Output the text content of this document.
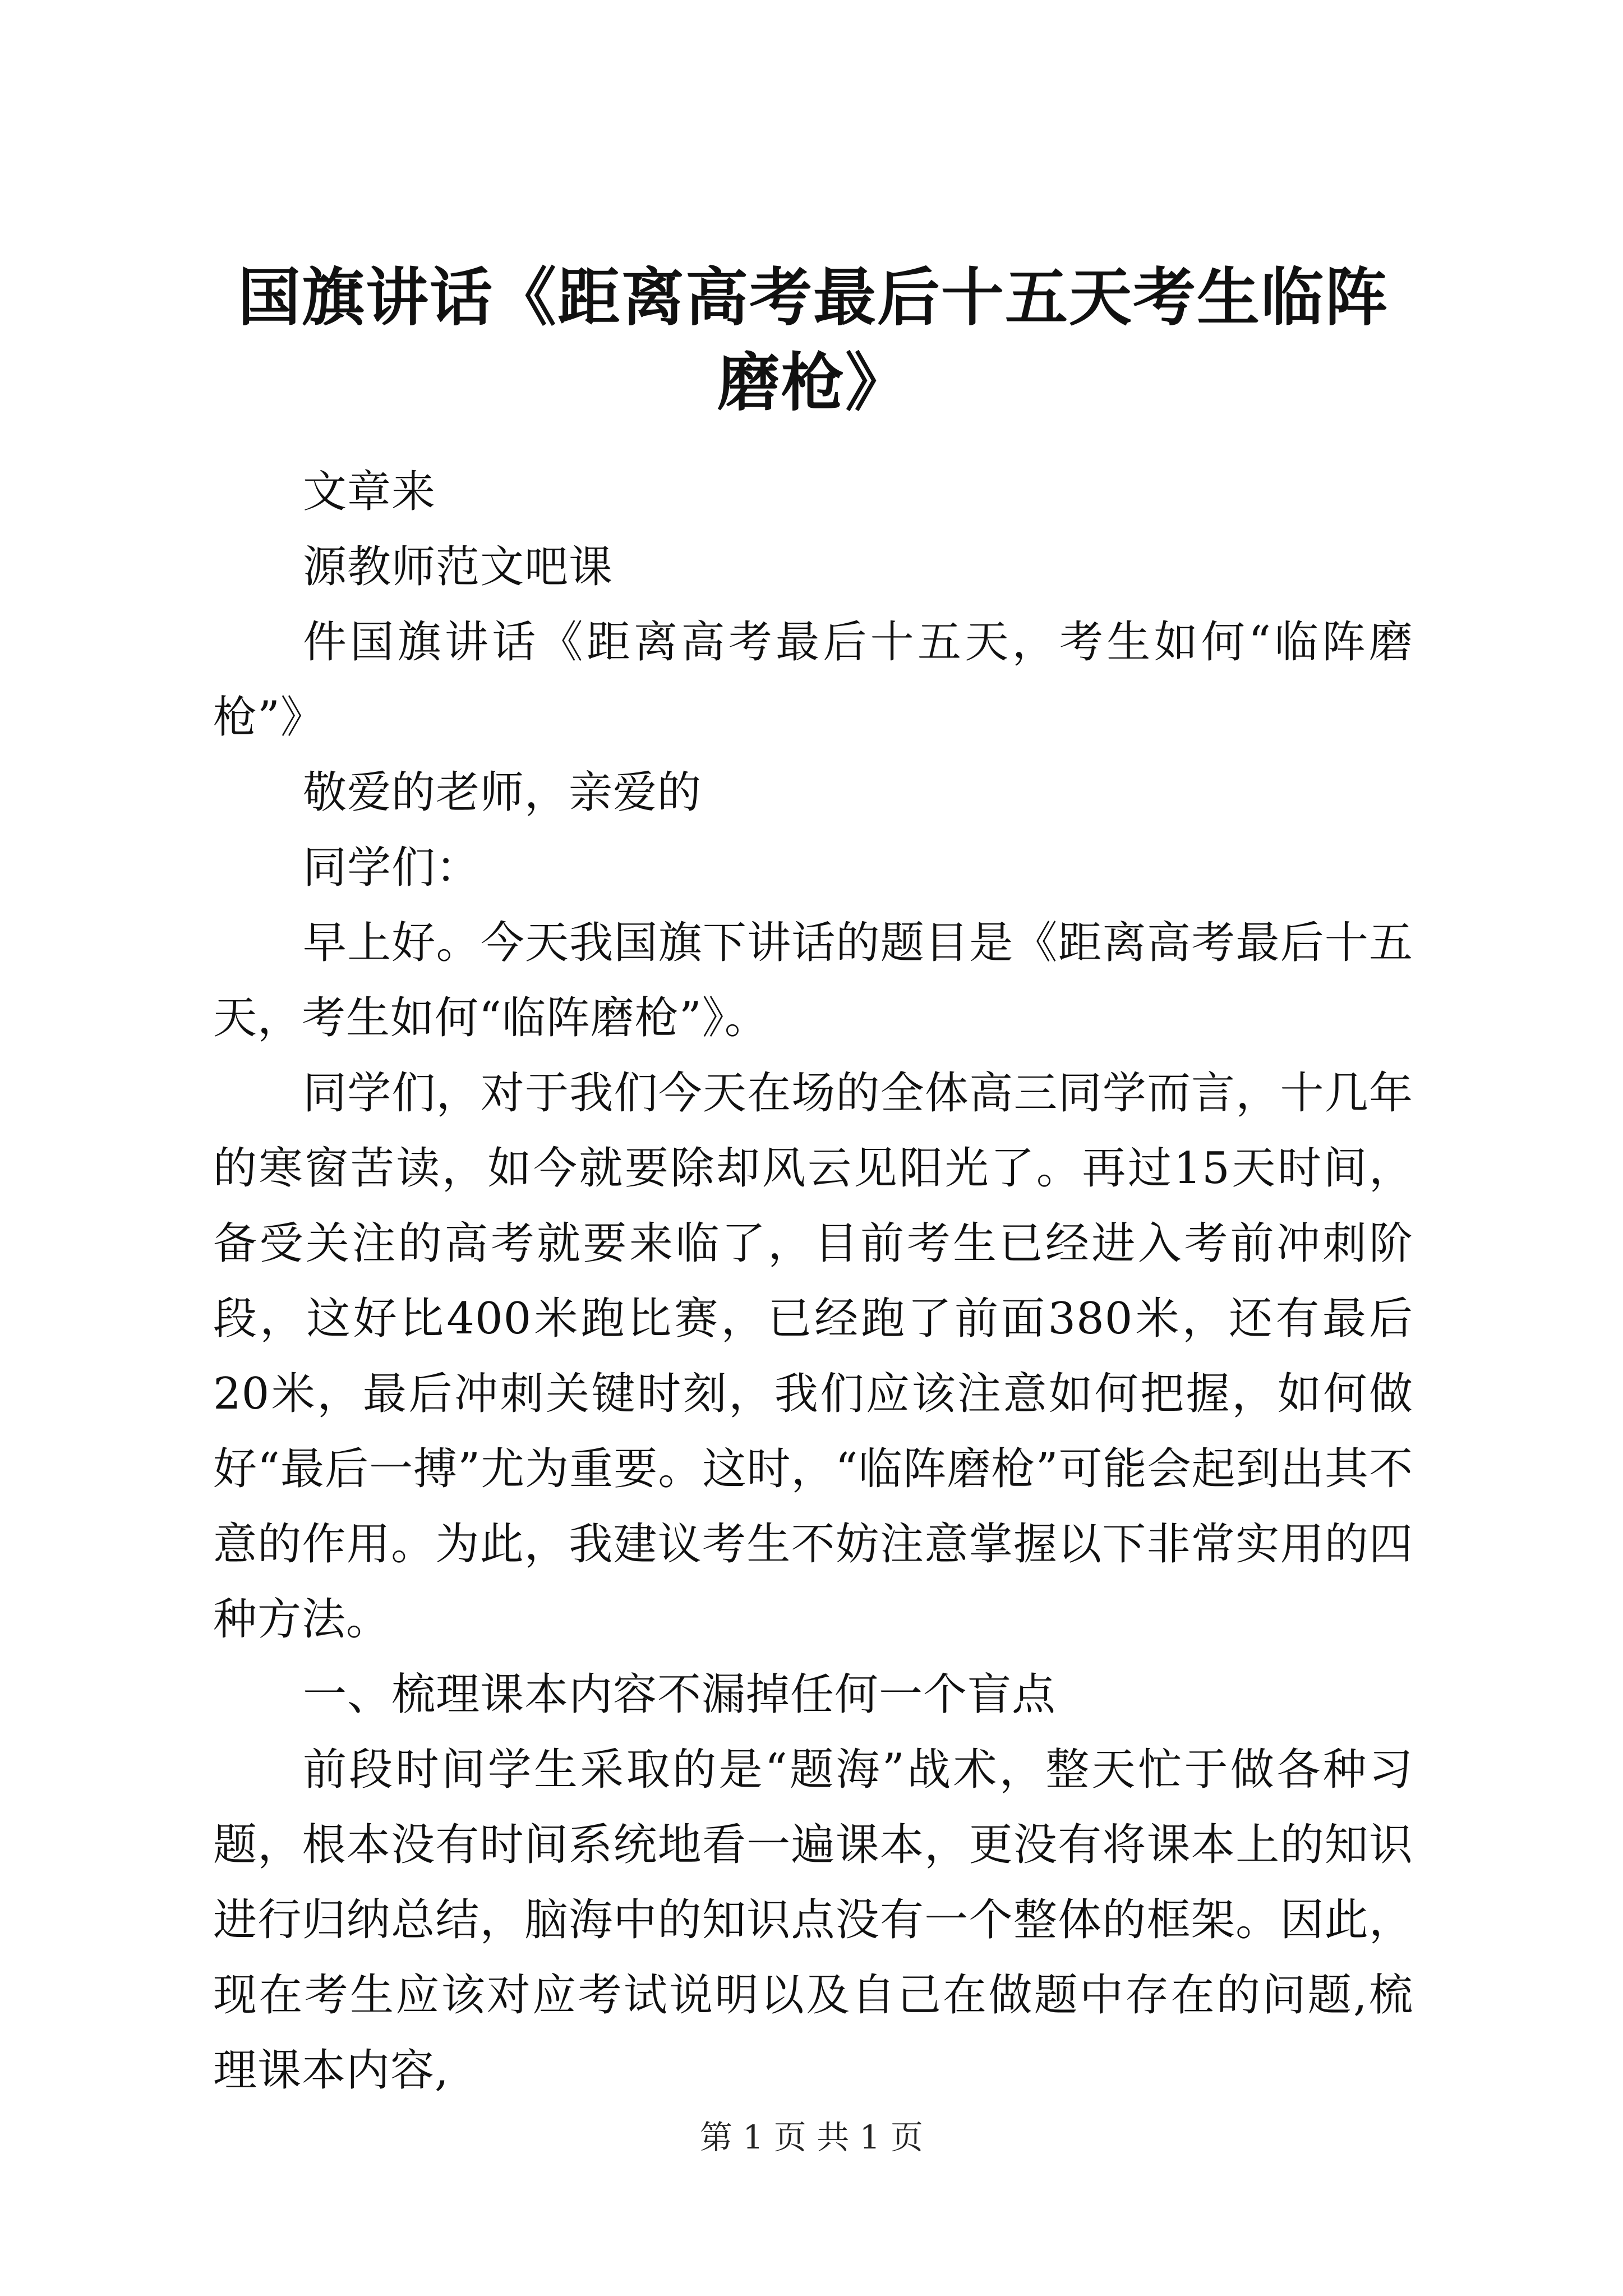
国旗讲话《距离高考最后十五天考生临阵磨枪》

文章来

源教师范文吧课

件国旗讲话《距离高考最后十五天，考生如何“临阵磨枪”》

敬爱的老师，亲爱的

同学们：

早上好。今天我国旗下讲话的题目是《距离高考最后十五天，考生如何“临阵磨枪”》。

同学们，对于我们今天在场的全体高三同学而言，十几年的寒窗苦读，如今就要除却风云见阳光了。再过15天时间，备受关注的高考就要来临了，目前考生已经进入考前冲刺阶段，这好比400米跑比赛，已经跑了前面380米，还有最后20米，最后冲刺关键时刻，我们应该注意如何把握，如何做好“最后一搏”尤为重要。这时，“临阵磨枪”可能会起到出其不意的作用。为此，我建议考生不妨注意掌握以下非常实用的四种方法。

一、梳理课本内容不漏掉任何一个盲点

前段时间学生采取的是“题海”战术，整天忙于做各种习题，根本没有时间系统地看一遍课本，更没有将课本上的知识进行归纳总结，脑海中的知识点没有一个整体的框架。因此，现在考生应该对应考试说明以及自己在做题中存在的问题,梳理课本内容,

第 1 页 共 1 页
